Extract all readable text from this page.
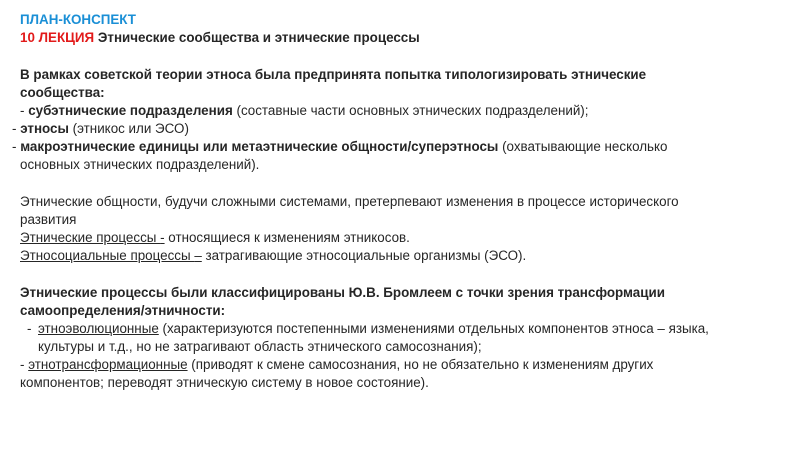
ПЛАН-КОНСПЕКТ
10 ЛЕКЦИЯ Этнические сообщества и этнические процессы
В рамках советской теории этноса была предпринята попытка типологизировать этнические
сообщества:
- субэтнические подразделения (составные части основных этнических подразделений);
- этносы (этникос или ЭСО)
- макроэтнические единицы или метаэтнические общности/суперэтносы (охватывающие несколько
основных этнических подразделений).
Этнические общности, будучи сложными системами, претерпевают изменения в процессе исторического
развития
Этнические процессы - относящиеся к изменениям этникосов.
Этносоциальные процессы – затрагивающие этносоциальные организмы (ЭСО).
Этнические процессы были классифицированы Ю.В. Бромлеем с точки зрения трансформации
самоопределения/этничности:
- этноэволюционные (характеризуются постепенными изменениями отдельных компонентов этноса – языка,
культуры и т.д., но не затрагивают область этнического самосознания);
- этнотрансформационные (приводят к смене самосознания, но не обязательно к изменениям других
компонентов; переводят этническую систему в новое состояние).
